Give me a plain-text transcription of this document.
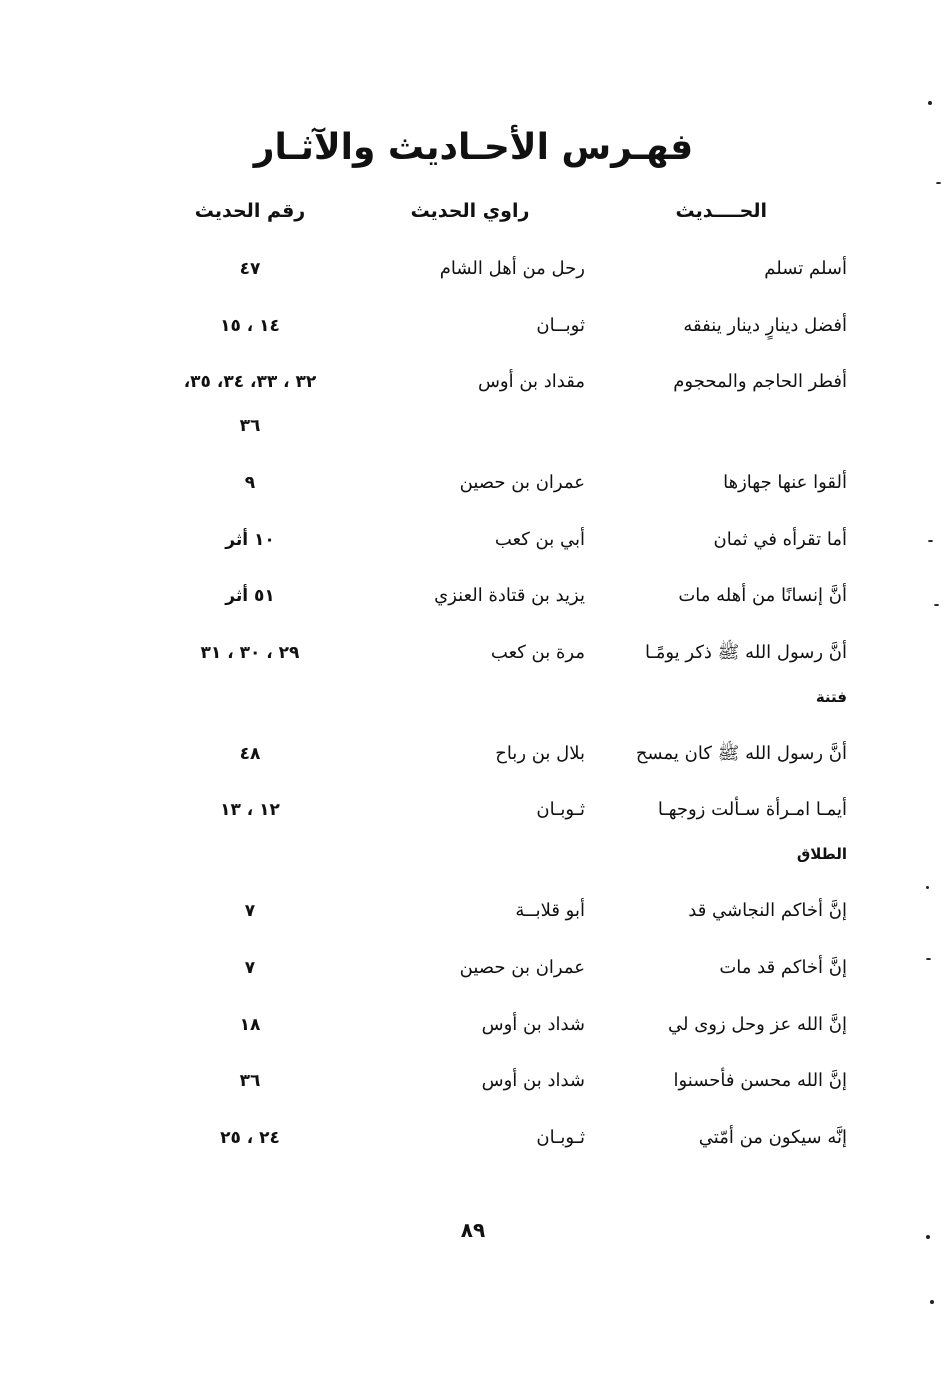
فهـرس الأحـاديث والآثـار
الحــــديث
راوي الحديث
رقم الحديث
أسلم تسلم
رحل من أهل الشام
٤٧
أفضل دينارٍ دينار ينفقه
ثوبــان
١٤ ، ١٥
أفطر الحاجم والمحجوم
مقداد بن أوس
٣٢ ، ٣٣، ٣٤، ٣٥،
٣٦
ألقوا عنها جهازها
عمران بن حصين
٩
أما تقرأه في ثمان
أبي بن كعب
١٠ أثر
أنَّ إنسانًا من أهله مات
يزيد بن قتادة العنزي
٥١ أثر
أنَّ رسول الله ﷺ ذكر يومًـا
مرة بن كعب
٢٩ ، ٣٠ ، ٣١
فتنة
أنَّ رسول الله ﷺ كان يمسح
بلال بن رباح
٤٨
أيمـا امـرأة سـألت زوجهـا
ثـوبـان
١٢ ، ١٣
الطلاق
إنَّ أخاكم النجاشي قد
أبو قلابــة
٧
إنَّ أخاكم قد مات
عمران بن حصين
٧
إنَّ الله عز وحل زوى لي
شداد بن أوس
١٨
إنَّ الله محسن فأحسنوا
شداد بن أوس
٣٦
إنَّه سيكون من أمّتي
ثـوبـان
٢٤ ، ٢٥
٨٩
